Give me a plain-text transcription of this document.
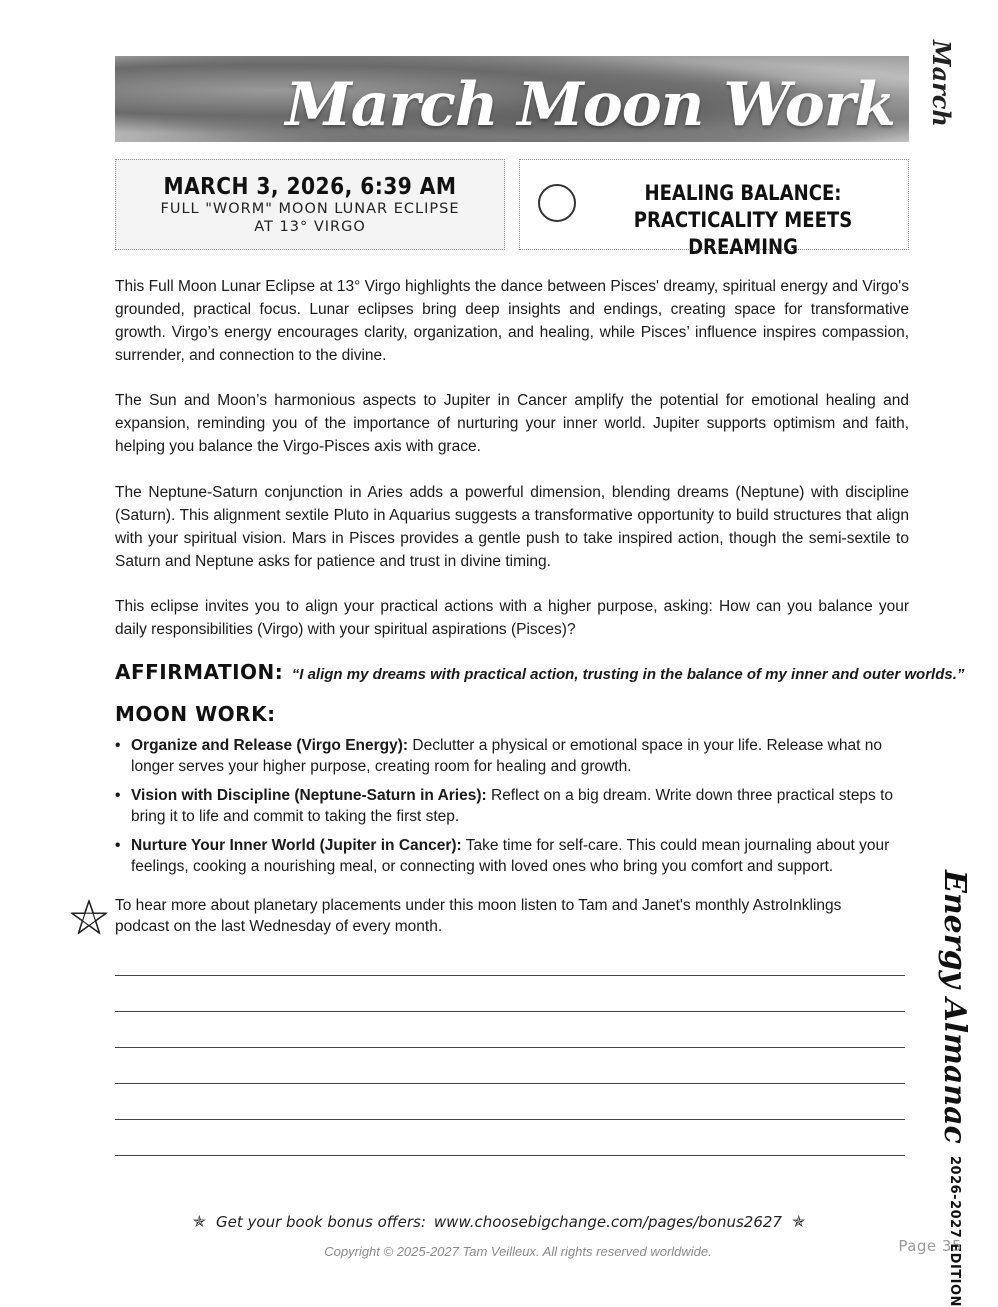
March Moon Work March
MARCH 3, 2026, 6:39 AM
FULL "WORM" MOON LUNAR ECLIPSE
AT 13° VIRGO
HEALING BALANCE: PRACTICALITY MEETS DREAMING
This Full Moon Lunar Eclipse at 13° Virgo highlights the dance between Pisces' dreamy, spiritual energy and Virgo's grounded, practical focus. Lunar eclipses bring deep insights and endings, creating space for transformative growth. Virgo’s energy encourages clarity, organization, and healing, while Pisces’ influence inspires compassion, surrender, and connection to the divine.
The Sun and Moon’s harmonious aspects to Jupiter in Cancer amplify the potential for emotional healing and expansion, reminding you of the importance of nurturing your inner world. Jupiter supports optimism and faith, helping you balance the Virgo-Pisces axis with grace.
The Neptune-Saturn conjunction in Aries adds a powerful dimension, blending dreams (Neptune) with discipline (Saturn). This alignment sextile Pluto in Aquarius suggests a transformative opportunity to build structures that align with your spiritual vision. Mars in Pisces provides a gentle push to take inspired action, though the semi-sextile to Saturn and Neptune asks for patience and trust in divine timing.
This eclipse invites you to align your practical actions with a higher purpose, asking: How can you balance your daily responsibilities (Virgo) with your spiritual aspirations (Pisces)?
AFFIRMATION: “I align my dreams with practical action, trusting in the balance of my inner and outer worlds.”
MOON WORK:
• Organize and Release (Virgo Energy): Declutter a physical or emotional space in your life. Release what no longer serves your higher purpose, creating room for healing and growth.
• Vision with Discipline (Neptune-Saturn in Aries): Reflect on a big dream. Write down three practical steps to bring it to life and commit to taking the first step.
• Nurture Your Inner World (Jupiter in Cancer): Take time for self-care. This could mean journaling about your feelings, cooking a nourishing meal, or connecting with loved ones who bring you comfort and support.
To hear more about planetary placements under this moon listen to Tam and Janet's monthly AstroInklings podcast on the last Wednesday of every month.	Energy Almanac 2026-2027 EDITION
✯ Get your book bonus offers: www.choosebigchange.com/pages/bonus2627 ✯
Copyright © 2025-2027 Tam Veilleux. All rights reserved worldwide.	Page 35
